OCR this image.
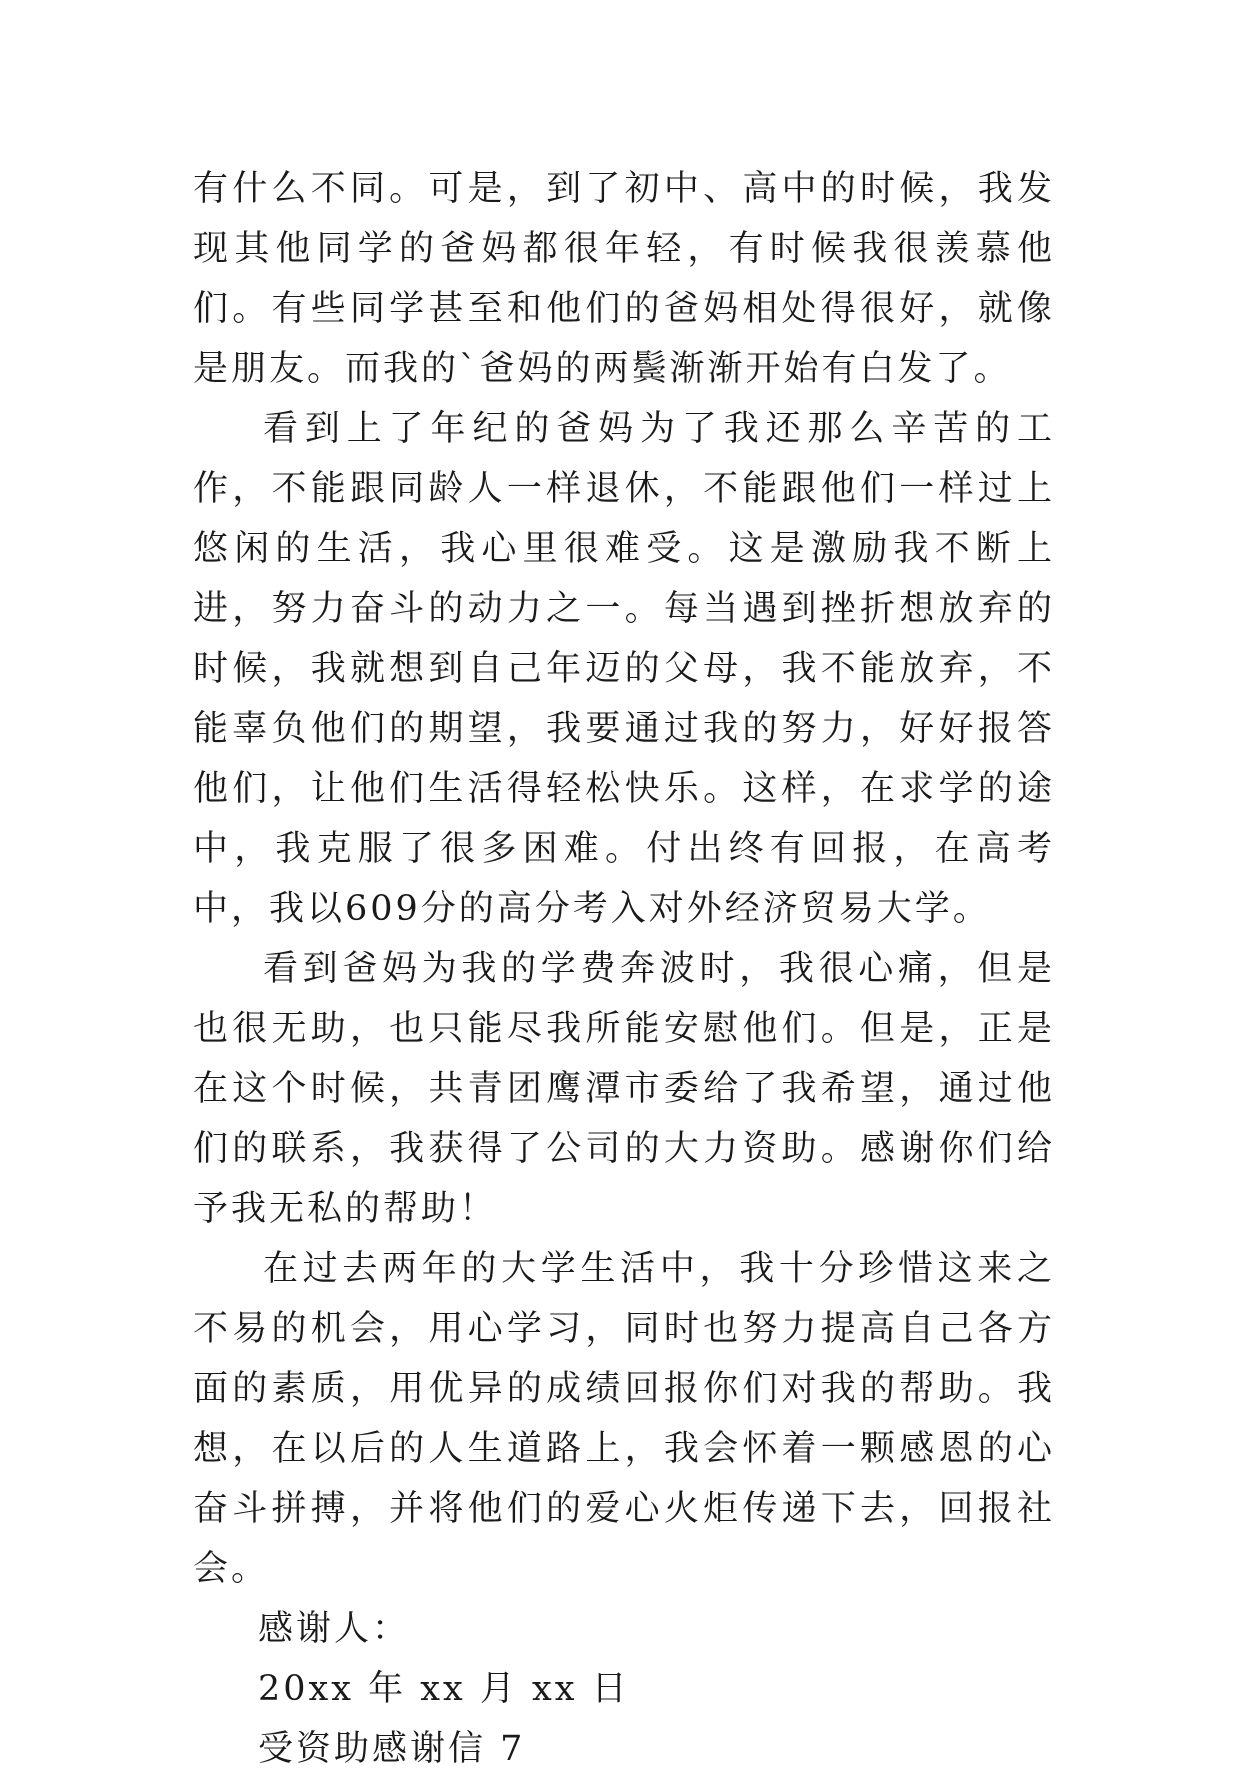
有什么不同。可是，到了初中、高中的时候，我发现其他同学的爸妈都很年轻，有时候我很羡慕他们。有些同学甚至和他们的爸妈相处得很好，就像是朋友。而我的`爸妈的两鬓渐渐开始有白发了。

看到上了年纪的爸妈为了我还那么辛苦的工作，不能跟同龄人一样退休，不能跟他们一样过上悠闲的生活，我心里很难受。这是激励我不断上进，努力奋斗的动力之一。每当遇到挫折想放弃的时候，我就想到自己年迈的父母，我不能放弃，不能辜负他们的期望，我要通过我的努力，好好报答他们，让他们生活得轻松快乐。这样，在求学的途中，我克服了很多困难。付出终有回报，在高考中，我以609分的高分考入对外经济贸易大学。

看到爸妈为我的学费奔波时，我很心痛，但是也很无助，也只能尽我所能安慰他们。但是，正是在这个时候，共青团鹰潭市委给了我希望，通过他们的联系，我获得了公司的大力资助。感谢你们给予我无私的帮助！

在过去两年的大学生活中，我十分珍惜这来之不易的机会，用心学习，同时也努力提高自己各方面的素质，用优异的成绩回报你们对我的帮助。我想，在以后的人生道路上，我会怀着一颗感恩的心奋斗拼搏，并将他们的爱心火炬传递下去，回报社会。

感谢人：

20xx 年 xx 月 xx 日

受资助感谢信 7
